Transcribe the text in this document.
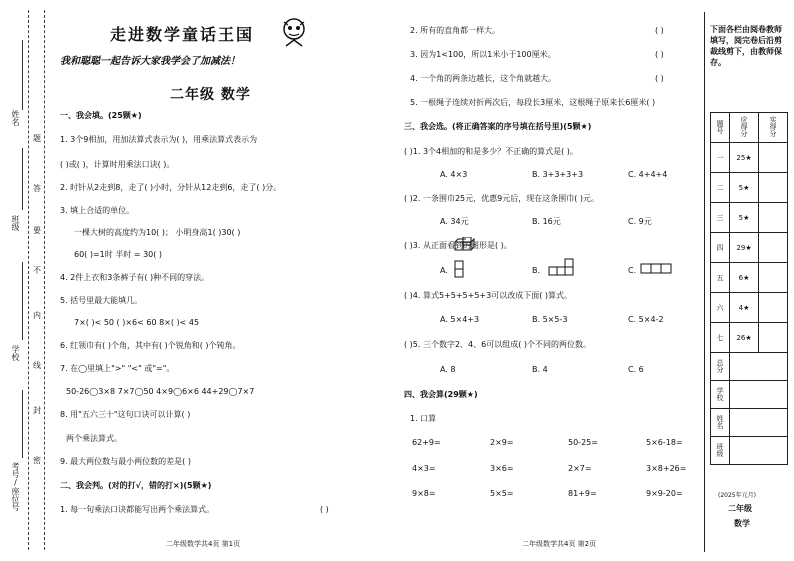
姓名
班级
学校
考号/座位号
题
答
要
不
内
线
封
密
走进数学童话王国
我和聪聪一起告诉大家我学会了加减法！
二年级 数学
一、我会填。(25颗★)
1. 3个9相加，用加法算式表示为( )，用乘法算式表示为
( )或( )，计算时用乘法口诀( )。
2. 时针从2走到8，走了( )小时，分针从12走到6，走了( )分。
3. 填上合适的单位。
一棵大树的高度约为10( )； 小明身高1( )30( )
60( )=1时 半时 = 30( )
4. 2件上衣和3条裤子有( )种不同的穿法。
5. 括号里最大能填几。
7×( )< 50 ( )×6< 60 8×( )< 45
6. 红领巾有( )个角，其中有( )个锐角和( )个钝角。
7. 在◯里填上">" "<" 或"="。
50-26◯3×8 7×7◯50 4×9◯6×6 44+29◯7×7
8. 用"五六三十"这句口诀可以计算( )
两个乘法算式。
9. 最大两位数与最小两位数的差是( )
二、我会判。(对的打√，错的打×)(5颗★)
1. 每一句乘法口诀都能写出两个乘法算式。	( )
二年级数学共4页 第1页
2. 所有的直角都一样大。	( )
3. 因为1<100，所以1米小于100厘米。	( )
4. 一个角的两条边越长，这个角就越大。	( )
5. 一根绳子连续对折两次后，每段长3厘米，这根绳子原来长6厘米( )
三、我会选。(将正确答案的序号填在括号里)(5颗★)
( )1. 3个4相加的和是多少？不正确的算式是( )。
A. 4×3	B. 3+3+3+3	C. 4+4+4
( )2. 一条围巾25元，优惠9元后，现在这条围巾( )元。
A. 34元	B. 16元	C. 9元
( )3. 从正面看到的图形是( )。
A.	B.	C.
( )4. 算式5+5+5+5+3可以改成下面( )算式。
A. 5×4+3	B. 5×5-3	C. 5×4-2
( )5. 三个数字2、4、6可以组成( )个不同的两位数。
A. 8	B. 4	C. 6
四、我会算(29颗★)
1. 口算
62+9=	2×9=	50-25=	5×6-18=
4×3=	3×6=	2×7=	3×8+26=
9×8=	5×5=	81+9=	9×9-20=
二年级数学共4页 第2页
下面各栏由阅卷教师填写，阅完卷后沿剪裁线剪下，由教师保存。
题号	应得分	实得分
一	25★	
二	5★	
三	5★	
四	29★	
五	6★	
六	4★	
七	26★	
总分		
学校		
姓名		
班级		
(2025年元月)
二年级
数学
